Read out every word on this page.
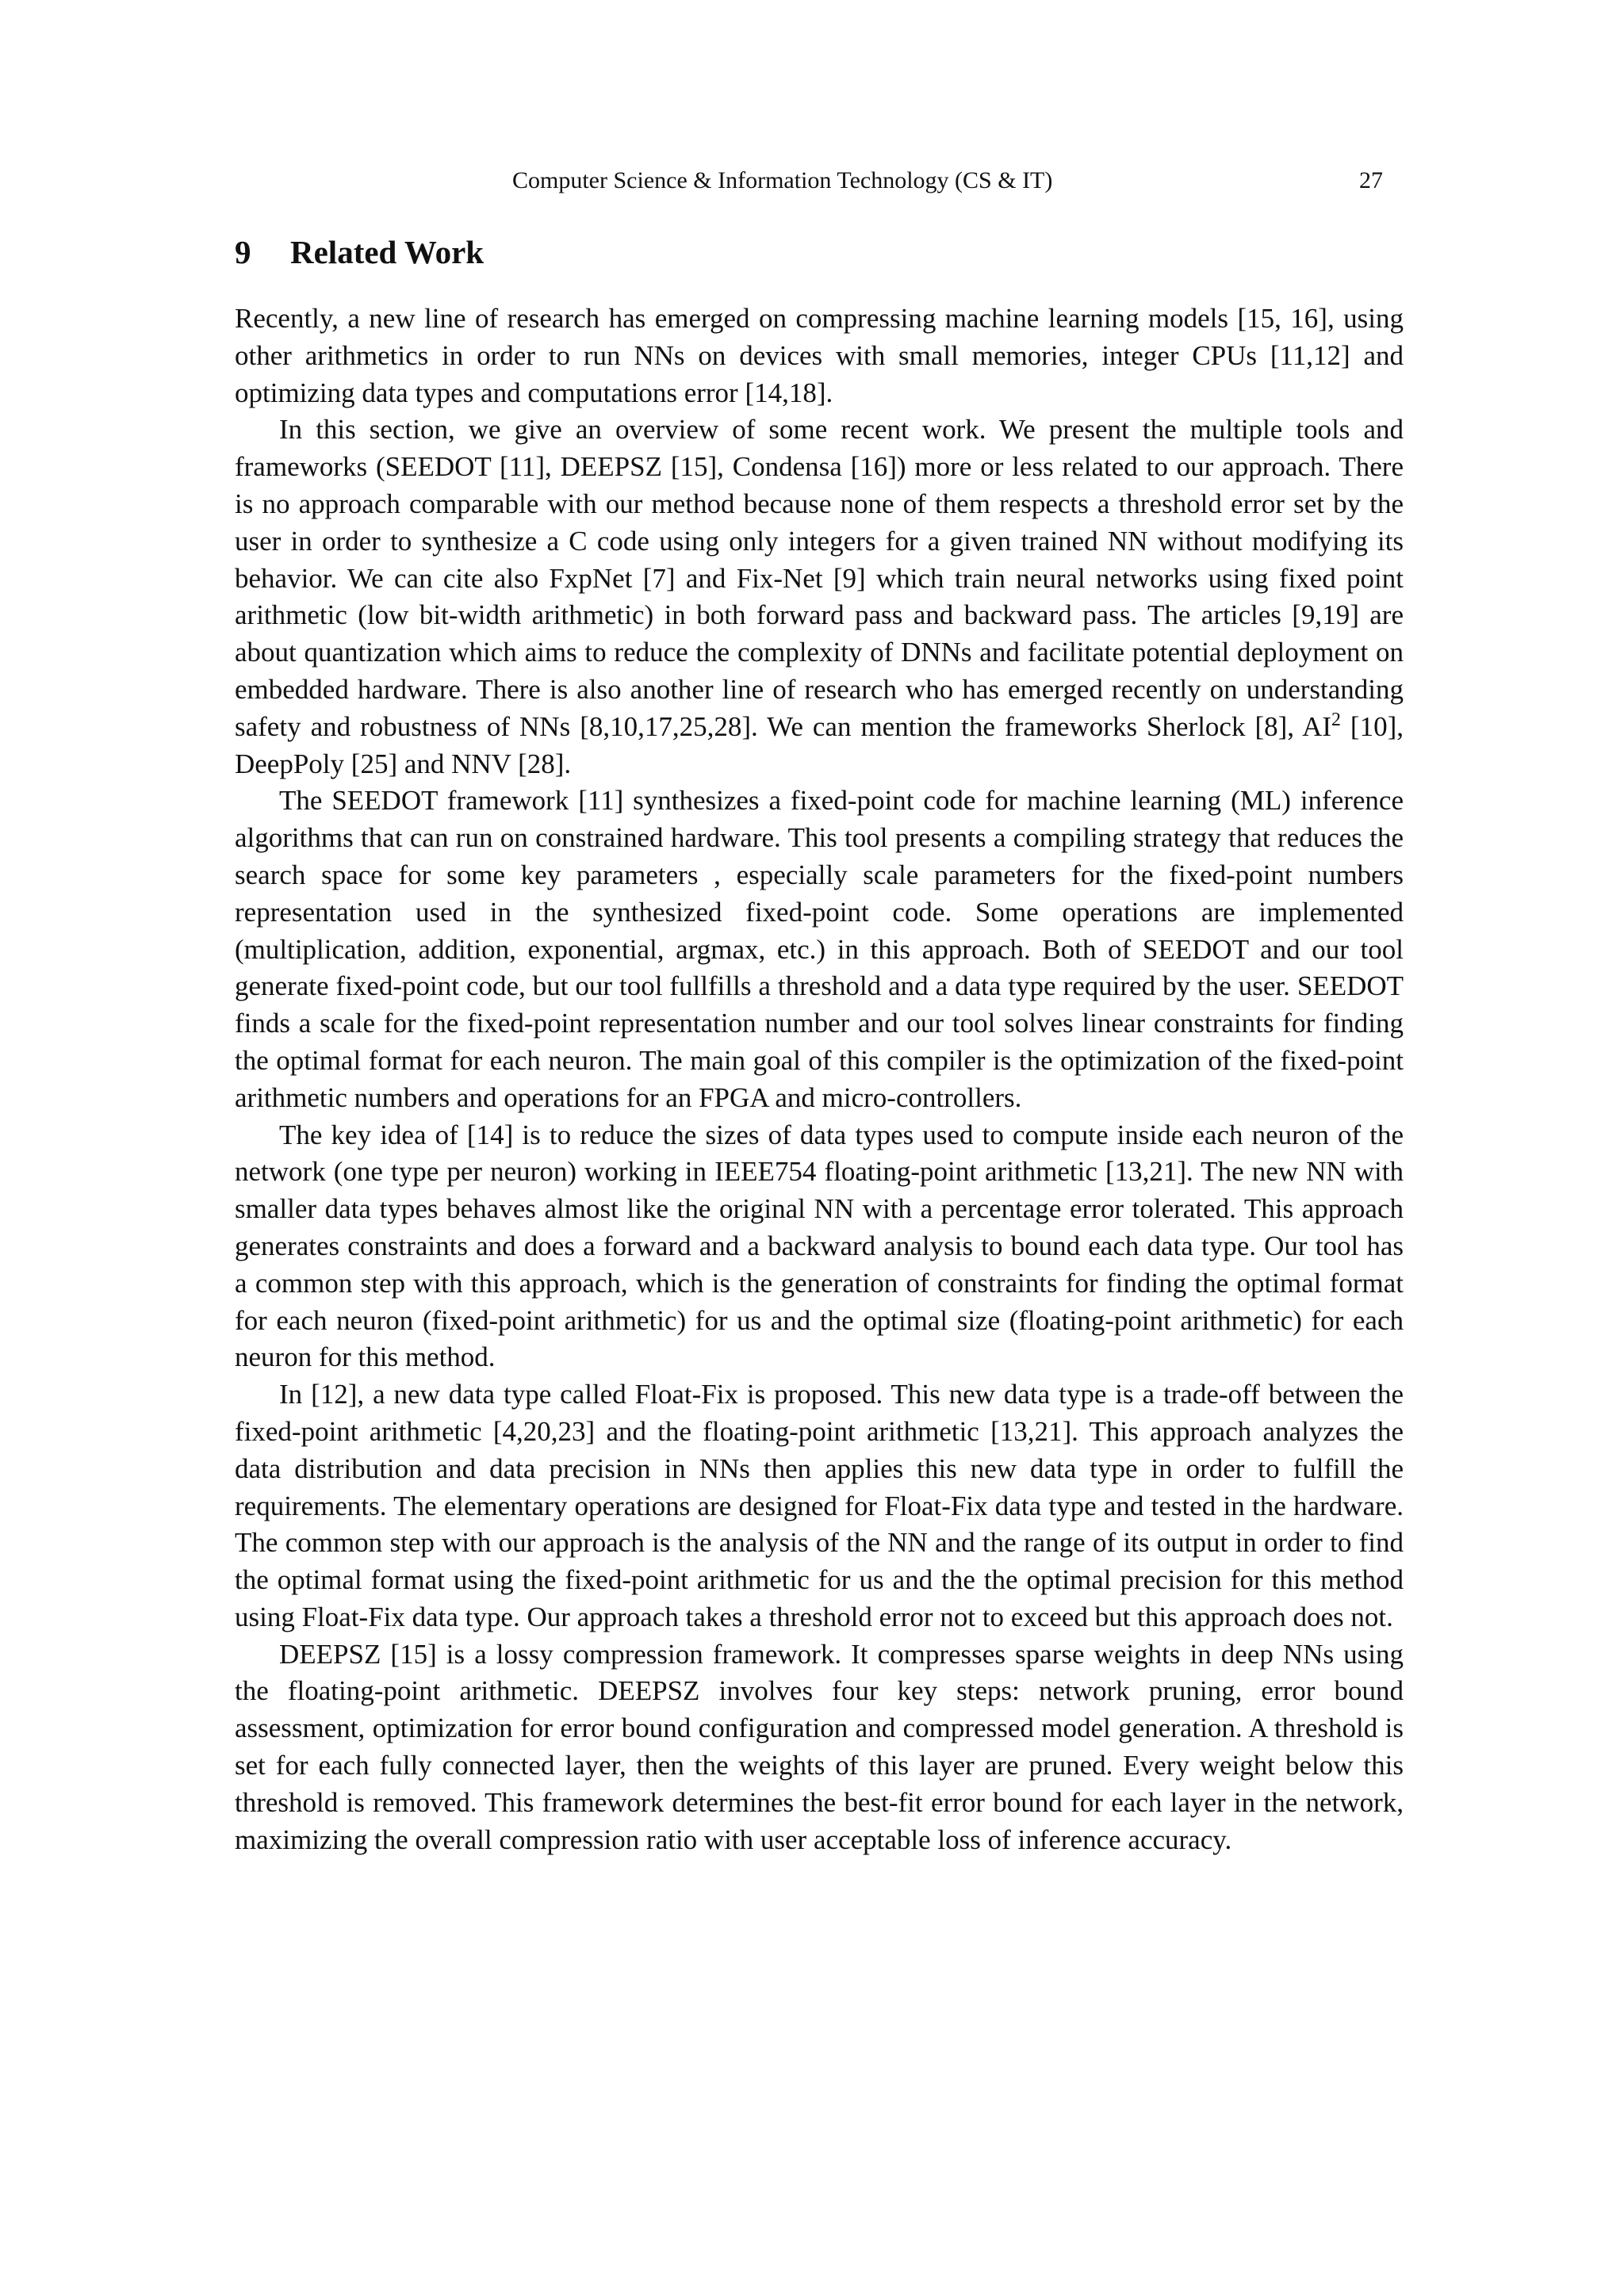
Computer Science & Information Technology (CS & IT)	27
9 Related Work

Recently, a new line of research has emerged on compressing machine learning models [15, 16], using other arithmetics in order to run NNs on devices with small memories, integer CPUs [11,12] and optimizing data types and computations error [14,18].

In this section, we give an overview of some recent work. We present the multiple tools and frameworks (SEEDOT [11], DEEPSZ [15], Condensa [16]) more or less related to our approach. There is no approach comparable with our method because none of them respects a threshold error set by the user in order to synthesize a C code using only integers for a given trained NN without modifying its behavior. We can cite also FxpNet [7] and Fix-Net [9] which train neural networks using fixed point arithmetic (low bit-width arithmetic) in both forward pass and backward pass. The articles [9,19] are about quantization which aims to reduce the complexity of DNNs and facilitate potential deployment on embedded hardware. There is also another line of research who has emerged recently on understanding safety and robustness of NNs [8,10,17,25,28]. We can mention the frameworks Sherlock [8], $AI^2$ [10], DeepPoly [25] and NNV [28].

The SEEDOT framework [11] synthesizes a fixed-point code for machine learning (ML) inference algorithms that can run on constrained hardware. This tool presents a compiling strategy that reduces the search space for some key parameters , especially scale parameters for the fixed-point numbers representation used in the synthesized fixed-point code. Some operations are implemented (multiplication, addition, exponential, argmax, etc.) in this approach. Both of SEEDOT and our tool generate fixed-point code, but our tool fullfills a threshold and a data type required by the user. SEEDOT finds a scale for the fixed-point representation number and our tool solves linear constraints for finding the optimal format for each neuron. The main goal of this compiler is the optimization of the fixed-point arithmetic numbers and operations for an FPGA and micro-controllers.

The key idea of [14] is to reduce the sizes of data types used to compute inside each neuron of the network (one type per neuron) working in IEEE754 floating-point arithmetic [13,21]. The new NN with smaller data types behaves almost like the original NN with a percentage error tolerated. This approach generates constraints and does a forward and a backward analysis to bound each data type. Our tool has a common step with this approach, which is the generation of constraints for finding the optimal format for each neuron (fixed-point arithmetic) for us and the optimal size (floating-point arithmetic) for each neuron for this method.

In [12], a new data type called Float-Fix is proposed. This new data type is a trade-off between the fixed-point arithmetic [4,20,23] and the floating-point arithmetic [13,21]. This approach analyzes the data distribution and data precision in NNs then applies this new data type in order to fulfill the requirements. The elementary operations are designed for Float-Fix data type and tested in the hardware. The common step with our approach is the analysis of the NN and the range of its output in order to find the optimal format using the fixed-point arithmetic for us and the the optimal precision for this method using Float-Fix data type. Our approach takes a threshold error not to exceed but this approach does not.

DEEPSZ [15] is a lossy compression framework. It compresses sparse weights in deep NNs using the floating-point arithmetic. DEEPSZ involves four key steps: network pruning, error bound assessment, optimization for error bound configuration and compressed model generation. A threshold is set for each fully connected layer, then the weights of this layer are pruned. Every weight below this threshold is removed. This framework determines the best-fit error bound for each layer in the network, maximizing the overall compression ratio with user acceptable loss of inference accuracy.
